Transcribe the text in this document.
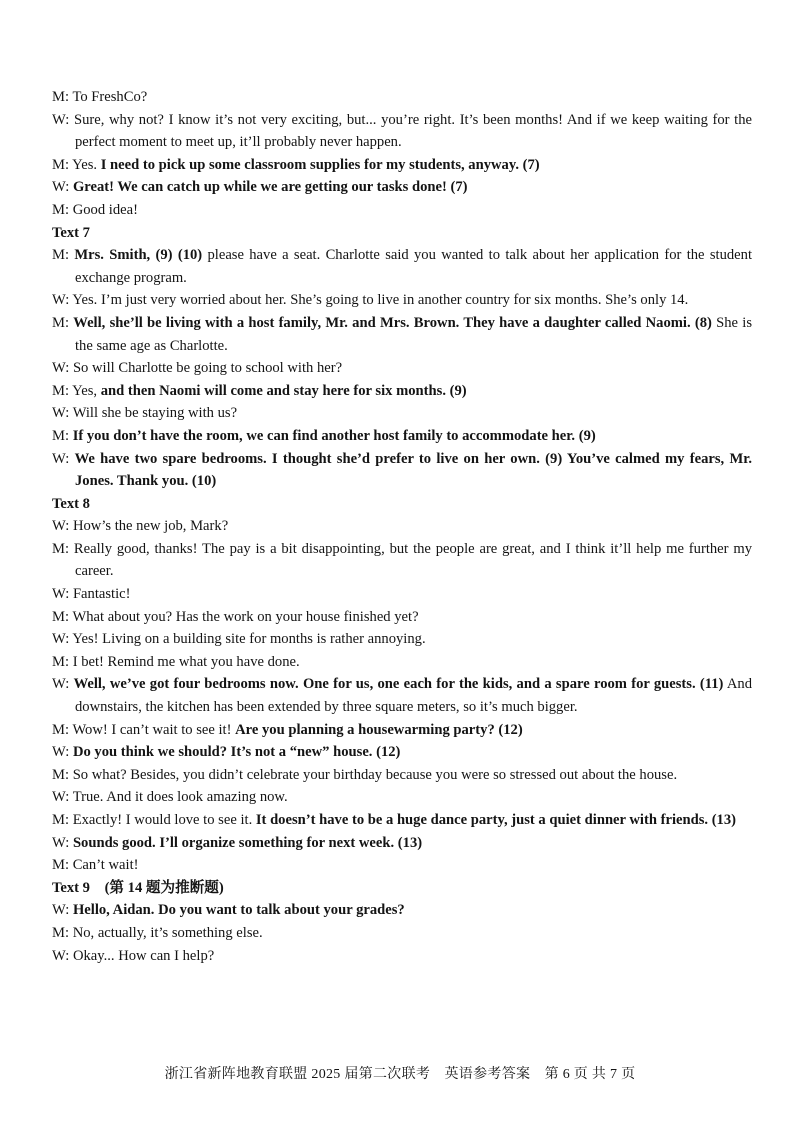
M: To FreshCo?

W: Sure, why not? I know it’s not very exciting, but... you’re right. It’s been months! And if we keep waiting for the perfect moment to meet up, it’ll probably never happen.

M: Yes. I need to pick up some classroom supplies for my students, anyway. (7)

W: Great! We can catch up while we are getting our tasks done! (7)

M: Good idea!

Text 7

M: Mrs. Smith, (9) (10) please have a seat. Charlotte said you wanted to talk about her application for the student exchange program.

W: Yes. I’m just very worried about her. She’s going to live in another country for six months. She’s only 14.

M: Well, she’ll be living with a host family, Mr. and Mrs. Brown. They have a daughter called Naomi. (8) She is the same age as Charlotte.

W: So will Charlotte be going to school with her?

M: Yes, and then Naomi will come and stay here for six months. (9)

W: Will she be staying with us?

M: If you don’t have the room, we can find another host family to accommodate her. (9)

W: We have two spare bedrooms. I thought she’d prefer to live on her own. (9) You’ve calmed my fears, Mr. Jones. Thank you. (10)

Text 8

W: How’s the new job, Mark?

M: Really good, thanks! The pay is a bit disappointing, but the people are great, and I think it’ll help me further my career.

W: Fantastic!

M: What about you? Has the work on your house finished yet?

W: Yes! Living on a building site for months is rather annoying.

M: I bet! Remind me what you have done.

W: Well, we’ve got four bedrooms now. One for us, one each for the kids, and a spare room for guests. (11) And downstairs, the kitchen has been extended by three square meters, so it’s much bigger.

M: Wow! I can’t wait to see it! Are you planning a housewarming party? (12)

W: Do you think we should? It’s not a “new” house. (12)

M: So what? Besides, you didn’t celebrate your birthday because you were so stressed out about the house.

W: True. And it does look amazing now.

M: Exactly! I would love to see it. It doesn’t have to be a huge dance party, just a quiet dinner with friends. (13)

W: Sounds good. I’ll organize something for next week. (13)

M: Can’t wait!

Text 9　(第 14 题为推断题)

W: Hello, Aidan. Do you want to talk about your grades?

M: No, actually, it’s something else.

W: Okay... How can I help?

浙江省新阵地教育联盟 2025 届第二次联考　英语参考答案　第 6 页 共 7 页
